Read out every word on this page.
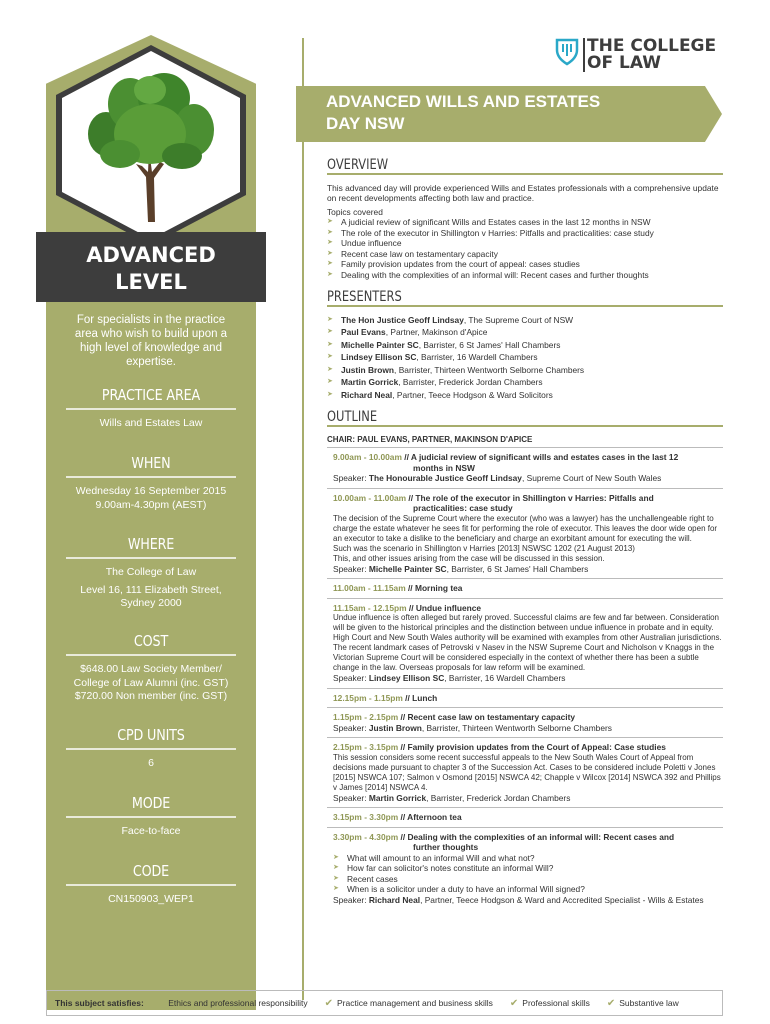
ADVANCED
LEVEL
For specialists in the practice area who wish to build upon a high level of knowledge and expertise.
PRACTICE AREA
Wills and Estates Law
WHEN
Wednesday 16 September 2015
9.00am-4.30pm (AEST)
WHERE
The College of Law
Level 16, 111 Elizabeth Street,
Sydney 2000
COST
$648.00 Law Society Member/
College of Law Alumni (inc. GST)
$720.00 Non member (inc. GST)
CPD UNITS
6
MODE
Face-to-face
CODE
CN150903_WEP1
THE COLLEGE
OF LAW
ADVANCED WILLS AND ESTATES
DAY NSW
OVERVIEW
This advanced day will provide experienced Wills and Estates professionals with a comprehensive update on recent developments affecting both law and practice.
Topics covered
➤ A judicial review of significant Wills and Estates cases in the last 12 months in NSW
➤ The role of the executor in Shillington v Harries: Pitfalls and practicalities: case study
➤ Undue influence
➤ Recent case law on testamentary capacity
➤ Family provision updates from the court of appeal: cases studies
➤ Dealing with the complexities of an informal will: Recent cases and further thoughts
PRESENTERS
➤ The Hon Justice Geoff Lindsay, The Supreme Court of NSW
➤ Paul Evans, Partner, Makinson d'Apice
➤ Michelle Painter SC, Barrister, 6 St James' Hall Chambers
➤ Lindsey Ellison SC, Barrister, 16 Wardell Chambers
➤ Justin Brown, Barrister, Thirteen Wentworth Selborne Chambers
➤ Martin Gorrick, Barrister, Frederick Jordan Chambers
➤ Richard Neal, Partner, Teece Hodgson & Ward Solicitors
OUTLINE
CHAIR: PAUL EVANS, PARTNER, MAKINSON D'APICE
9.00am - 10.00am // A judicial review of significant wills and estates cases in the last 12
months in NSW
Speaker: The Honourable Justice Geoff Lindsay, Supreme Court of New South Wales
10.00am - 11.00am // The role of the executor in Shillington v Harries: Pitfalls and
practicalities: case study
The decision of the Supreme Court where the executor (who was a lawyer) has the unchallengeable right to charge the estate whatever he sees fit for performing the role of executor. This leaves the door wide open for an executor to take a dislike to the beneficiary and charge an exorbitant amount for executing the will.
Such was the scenario in Shillington v Harries [2013] NSWSC 1202 (21 August 2013)
This, and other issues arising from the case will be discussed in this session.
Speaker: Michelle Painter SC, Barrister, 6 St James' Hall Chambers
11.00am - 11.15am // Morning tea
11.15am - 12.15pm // Undue influence
Undue influence is often alleged but rarely proved. Successful claims are few and far between. Consideration will be given to the historical principles and the distinction between undue influence in probate and in equity. High Court and New South Wales authority will be examined with examples from other Australian jurisdictions. The recent landmark cases of Petrovski v Nasev in the NSW Supreme Court and Nicholson v Knaggs in the Victorian Supreme Court will be considered especially in the context of whether there has been a subtle change in the law. Overseas proposals for law reform will be examined.
Speaker: Lindsey Ellison SC, Barrister, 16 Wardell Chambers
12.15pm - 1.15pm // Lunch
1.15pm - 2.15pm // Recent case law on testamentary capacity
Speaker: Justin Brown, Barrister, Thirteen Wentworth Selborne Chambers
2.15pm - 3.15pm // Family provision updates from the Court of Appeal: Case studies
This session considers some recent successful appeals to the New South Wales Court of Appeal from decisions made pursuant to chapter 3 of the Succession Act. Cases to be considered include Poletti v Jones [2015] NSWCA 107; Salmon v Osmond [2015] NSWCA 42; Chapple v Wilcox [2014] NSWCA 392 and Phillips v James [2014] NSWCA 4.
Speaker: Martin Gorrick, Barrister, Frederick Jordan Chambers
3.15pm - 3.30pm // Afternoon tea
3.30pm - 4.30pm // Dealing with the complexities of an informal will: Recent cases and
further thoughts
➤ What will amount to an informal Will and what not?
➤ How far can solicitor's notes constitute an informal Will?
➤ Recent cases
➤ When is a solicitor under a duty to have an informal Will signed?
Speaker: Richard Neal, Partner, Teece Hodgson & Ward and Accredited Specialist - Wills & Estates
This subject satisfies: ✔ Ethics and professional responsibility ✔ Practice management and business skills ✔ Professional skills ✔ Substantive law
